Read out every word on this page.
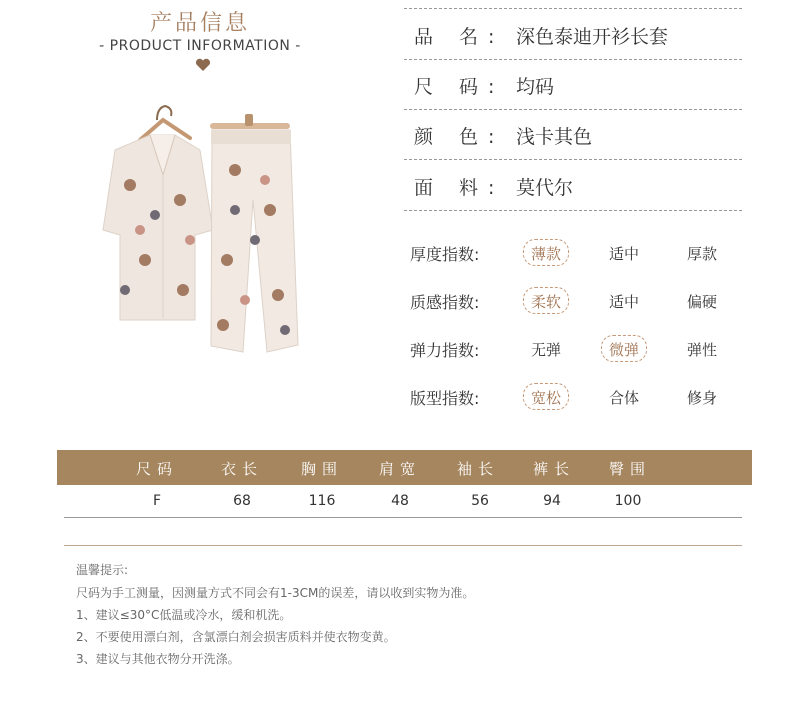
产品信息
- PRODUCT INFORMATION -	品 名: 深色泰迪开衫长套
尺 码: 均码
颜 色: 浅卡其色
面 料: 莫代尔
厚度指数:	薄款	适中	厚款
质感指数:	柔软	适中	偏硬
弹力指数:	无弹	微弹	弹性
版型指数:	宽松	合体	修身
尺码	衣长	胸围	肩宽	袖长	裤长	臀围
F	68	116	48	56	94	100
温馨提示:
尺码为手工测量，因测量方式不同会有1-3CM的误差，请以收到实物为准。
1、建议≤30°C低温或冷水，缓和机洗。
2、不要使用漂白剂，含氯漂白剂会损害质料并使衣物变黄。
3、建议与其他衣物分开洗涤。
